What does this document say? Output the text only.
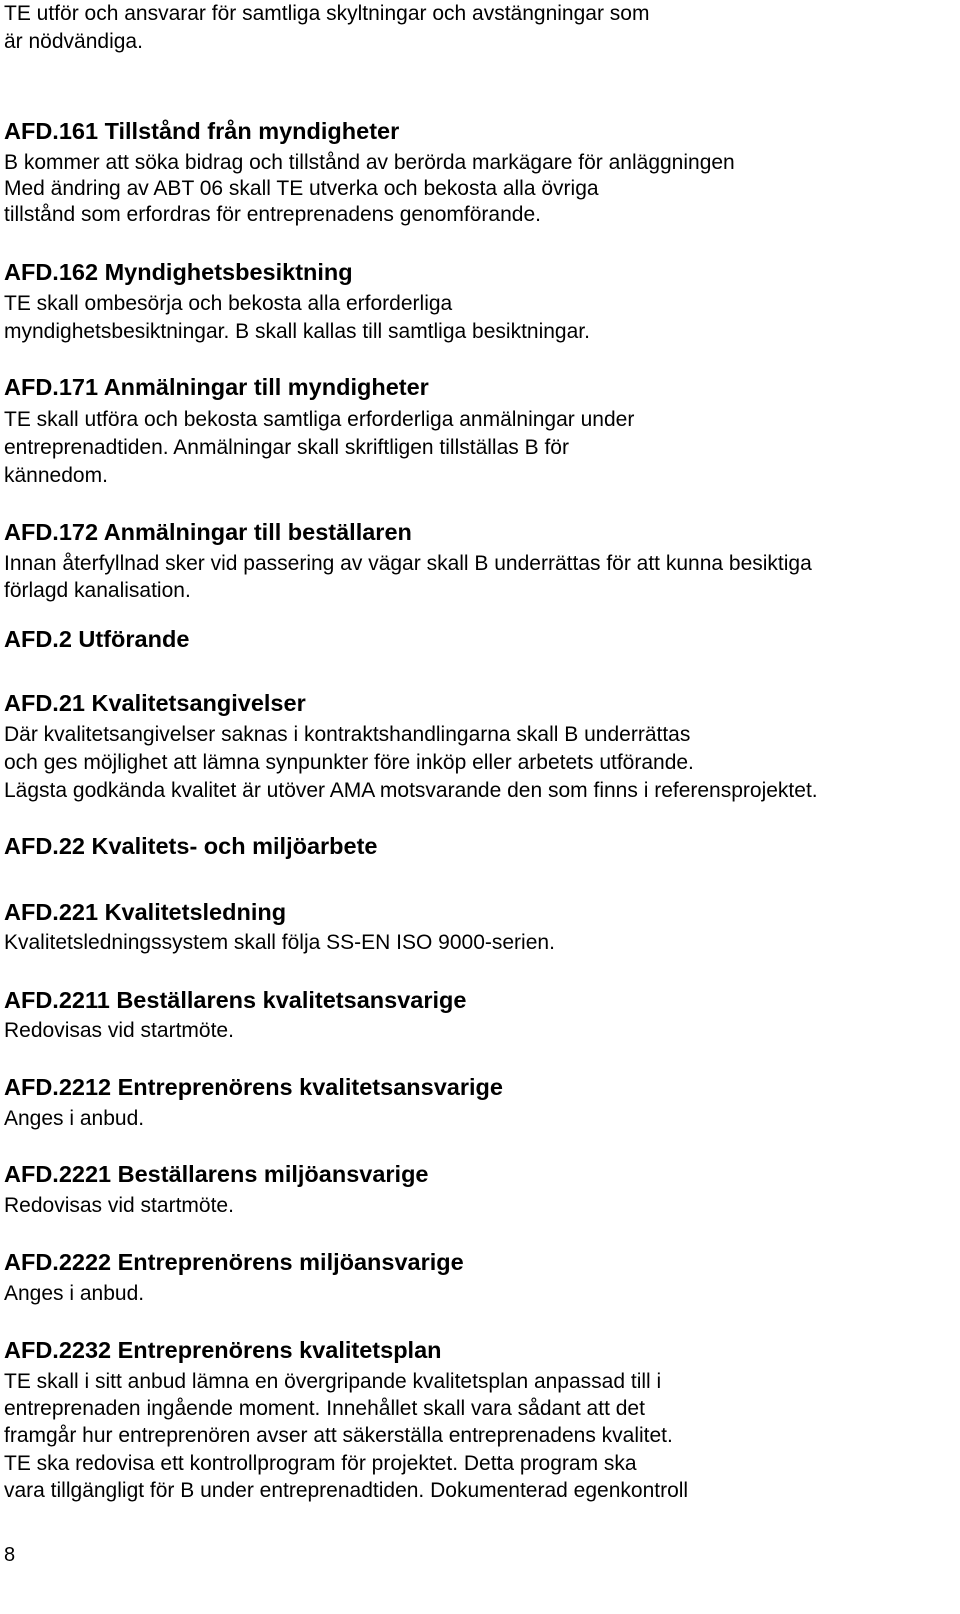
TE utför och ansvarar för samtliga skyltningar och avstängningar som
är nödvändiga.
AFD.161 Tillstånd från myndigheter
B kommer att söka bidrag och tillstånd av berörda markägare för anläggningen
Med ändring av ABT 06 skall TE utverka och bekosta alla övriga
tillstånd som erfordras för entreprenadens genomförande.
AFD.162 Myndighetsbesiktning
TE skall ombesörja och bekosta alla erforderliga
myndighetsbesiktningar. B skall kallas till samtliga besiktningar.
AFD.171 Anmälningar till myndigheter
TE skall utföra och bekosta samtliga erforderliga anmälningar under
entreprenadtiden. Anmälningar skall skriftligen tillställas B för
kännedom.
AFD.172 Anmälningar till beställaren
Innan återfyllnad sker vid passering av vägar skall B underrättas för att kunna besiktiga
förlagd kanalisation.
AFD.2 Utförande
AFD.21 Kvalitetsangivelser
Där kvalitetsangivelser saknas i kontraktshandlingarna skall B underrättas
och ges möjlighet att lämna synpunkter före inköp eller arbetets utförande.
Lägsta godkända kvalitet är utöver AMA motsvarande den som finns i referensprojektet.
AFD.22 Kvalitets- och miljöarbete
AFD.221 Kvalitetsledning
Kvalitetsledningssystem skall följa SS-EN ISO 9000-serien.
AFD.2211 Beställarens kvalitetsansvarige
Redovisas vid startmöte.
AFD.2212 Entreprenörens kvalitetsansvarige
Anges i anbud.
AFD.2221 Beställarens miljöansvarige
Redovisas vid startmöte.
AFD.2222 Entreprenörens miljöansvarige
Anges i anbud.
AFD.2232 Entreprenörens kvalitetsplan
TE skall i sitt anbud lämna en övergripande kvalitetsplan anpassad till i
entreprenaden ingående moment. Innehållet skall vara sådant att det
framgår hur entreprenören avser att säkerställa entreprenadens kvalitet.
TE ska redovisa ett kontrollprogram för projektet. Detta program ska
vara tillgängligt för B under entreprenadtiden. Dokumenterad egenkontroll
8
